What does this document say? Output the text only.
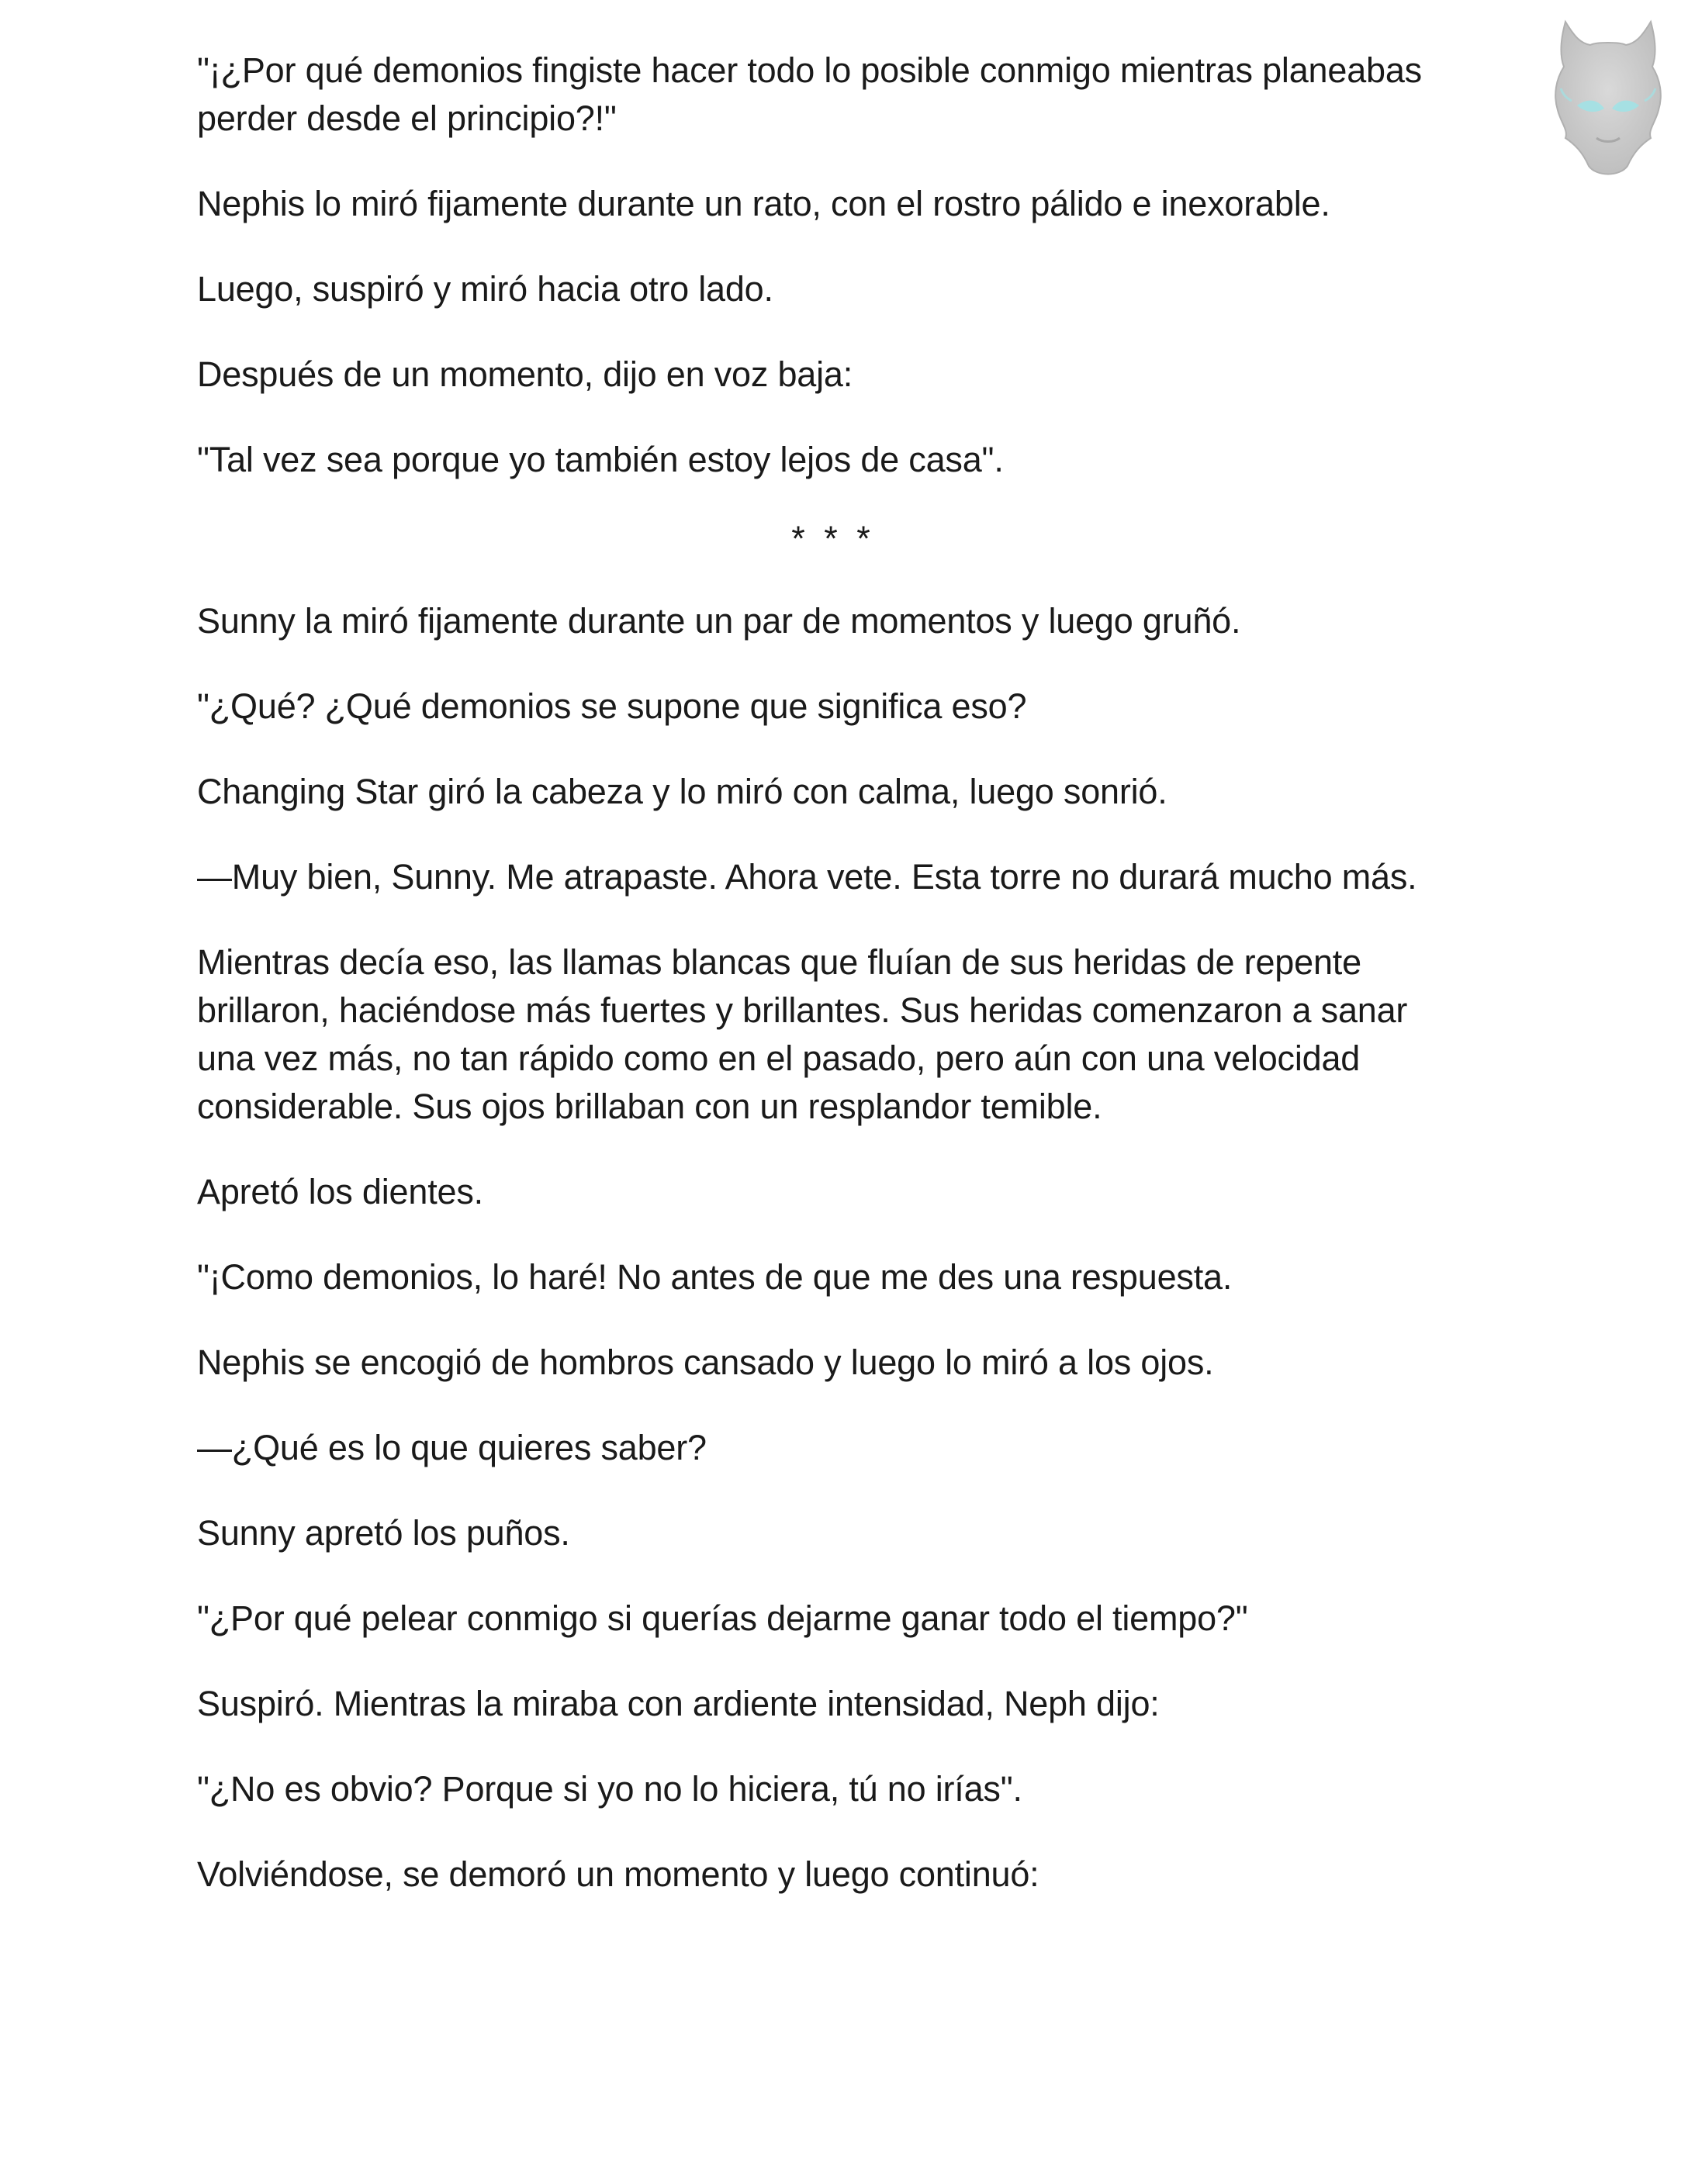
"¡¿Por qué demonios fingiste hacer todo lo posible conmigo mientras planeabas perder desde el principio?!"

Nephis lo miró fijamente durante un rato, con el rostro pálido e inexorable.

Luego, suspiró y miró hacia otro lado.

Después de un momento, dijo en voz baja:

"Tal vez sea porque yo también estoy lejos de casa".

* * *

Sunny la miró fijamente durante un par de momentos y luego gruñó.

"¿Qué? ¿Qué demonios se supone que significa eso?

Changing Star giró la cabeza y lo miró con calma, luego sonrió.

—Muy bien, Sunny. Me atrapaste. Ahora vete. Esta torre no durará mucho más.

Mientras decía eso, las llamas blancas que fluían de sus heridas de repente brillaron, haciéndose más fuertes y brillantes. Sus heridas comenzaron a sanar una vez más, no tan rápido como en el pasado, pero aún con una velocidad considerable. Sus ojos brillaban con un resplandor temible.

Apretó los dientes.

"¡Como demonios, lo haré! No antes de que me des una respuesta.

Nephis se encogió de hombros cansado y luego lo miró a los ojos.

—¿Qué es lo que quieres saber?

Sunny apretó los puños.

"¿Por qué pelear conmigo si querías dejarme ganar todo el tiempo?"

Suspiró. Mientras la miraba con ardiente intensidad, Neph dijo:

"¿No es obvio? Porque si yo no lo hiciera, tú no irías".

Volviéndose, se demoró un momento y luego continuó:
